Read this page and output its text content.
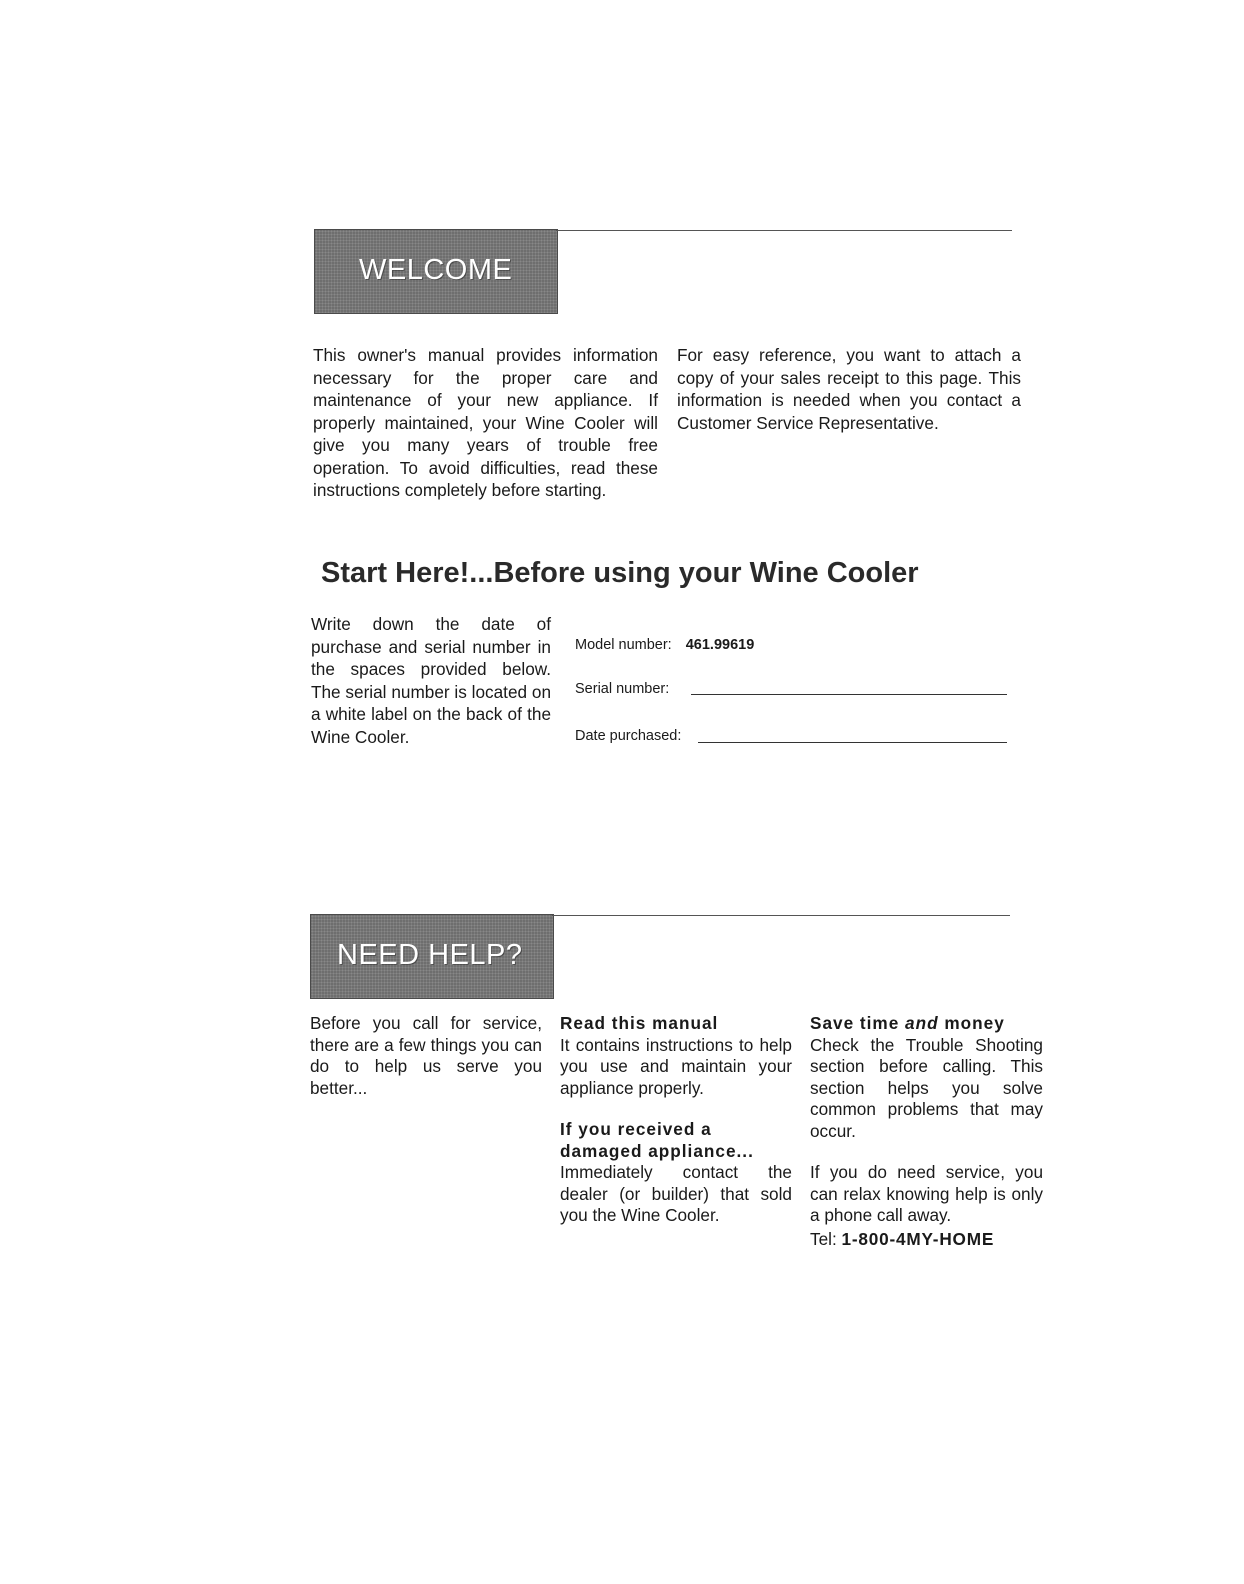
WELCOME

This owner's manual provides information necessary for the proper care and maintenance of your new appliance. If properly maintained, your Wine Cooler will give you many years of trouble free operation. To avoid difficulties, read these instructions completely before starting.

For easy reference, you want to attach a copy of your sales receipt to this page. This information is needed when you contact a Customer Service Representative.

Start Here!...Before using your Wine Cooler

Write down the date of purchase and serial number in the spaces provided below. The serial number is located on a white label on the back of the Wine Cooler.

Model number: 461.99619
Serial number:
Date purchased:
NEED HELP?

Before you call for service, there are a few things you can do to help us serve you better...

Read this manual
It contains instructions to help you use and maintain your appliance properly.
If you received a damaged appliance...
Immediately contact the dealer (or builder) that sold you the Wine Cooler.
Save time and money
Check the Trouble Shooting section before calling. This section helps you solve common problems that may occur.
If you do need service, you can relax knowing help is only a phone call away.
Tel: 1-800-4MY-HOME
